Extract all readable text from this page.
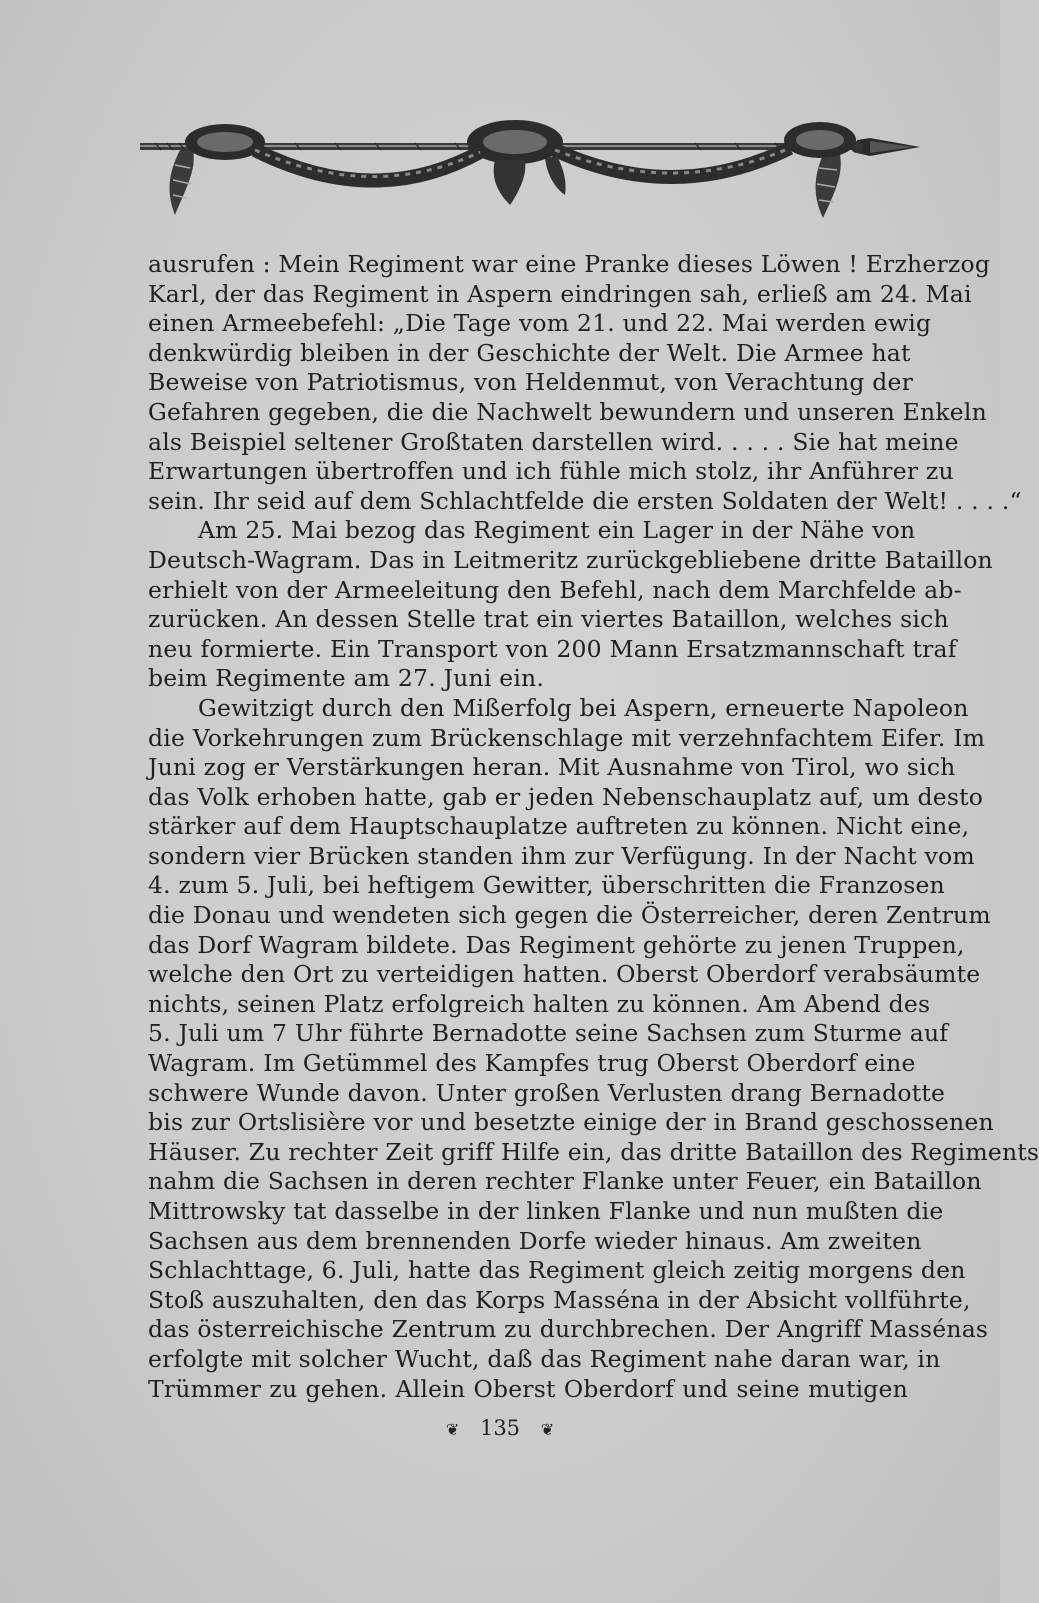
ausrufen : Mein Regiment war eine Pranke dieses Löwen ! Erzherzog
Karl, der das Regiment in Aspern eindringen sah, erließ am 24. Mai
einen Armeebefehl: „Die Tage vom 21. und 22. Mai werden ewig
denkwürdig bleiben in der Geschichte der Welt. Die Armee hat
Beweise von Patriotismus, von Heldenmut, von Verachtung der
Gefahren gegeben, die die Nachwelt bewundern und unseren Enkeln
als Beispiel seltener Großtaten darstellen wird. . . . . Sie hat meine
Erwartungen übertroffen und ich fühle mich stolz, ihr Anführer zu
sein. Ihr seid auf dem Schlachtfelde die ersten Soldaten der Welt! . . . .“
Am 25. Mai bezog das Regiment ein Lager in der Nähe von
Deutsch-Wagram. Das in Leitmeritz zurückgebliebene dritte Bataillon
erhielt von der Armeeleitung den Befehl, nach dem Marchfelde ab-
zurücken. An dessen Stelle trat ein viertes Bataillon, welches sich
neu formierte. Ein Transport von 200 Mann Ersatzmannschaft traf
beim Regimente am 27. Juni ein.
Gewitzigt durch den Mißerfolg bei Aspern, erneuerte Napoleon
die Vorkehrungen zum Brückenschlage mit verzehnfachtem Eifer. Im
Juni zog er Verstärkungen heran. Mit Ausnahme von Tirol, wo sich
das Volk erhoben hatte, gab er jeden Nebenschauplatz auf, um desto
stärker auf dem Hauptschauplatze auftreten zu können. Nicht eine,
sondern vier Brücken standen ihm zur Verfügung. In der Nacht vom
4. zum 5. Juli, bei heftigem Gewitter, überschritten die Franzosen
die Donau und wendeten sich gegen die Österreicher, deren Zentrum
das Dorf Wagram bildete. Das Regiment gehörte zu jenen Truppen,
welche den Ort zu verteidigen hatten. Oberst Oberdorf verabsäumte
nichts, seinen Platz erfolgreich halten zu können. Am Abend des
5. Juli um 7 Uhr führte Bernadotte seine Sachsen zum Sturme auf
Wagram. Im Getümmel des Kampfes trug Oberst Oberdorf eine
schwere Wunde davon. Unter großen Verlusten drang Bernadotte
bis zur Ortslisière vor und besetzte einige der in Brand geschossenen
Häuser. Zu rechter Zeit griff Hilfe ein, das dritte Bataillon des Regiments
nahm die Sachsen in deren rechter Flanke unter Feuer, ein Bataillon
Mittrowsky tat dasselbe in der linken Flanke und nun mußten die
Sachsen aus dem brennenden Dorfe wieder hinaus. Am zweiten
Schlachttage, 6. Juli, hatte das Regiment gleich zeitig morgens den
Stoß auszuhalten, den das Korps Masséna in der Absicht vollführte,
das österreichische Zentrum zu durchbrechen. Der Angriff Massénas
erfolgte mit solcher Wucht, daß das Regiment nahe daran war, in
Trümmer zu gehen. Allein Oberst Oberdorf und seine mutigen
❦ 135 ❦
